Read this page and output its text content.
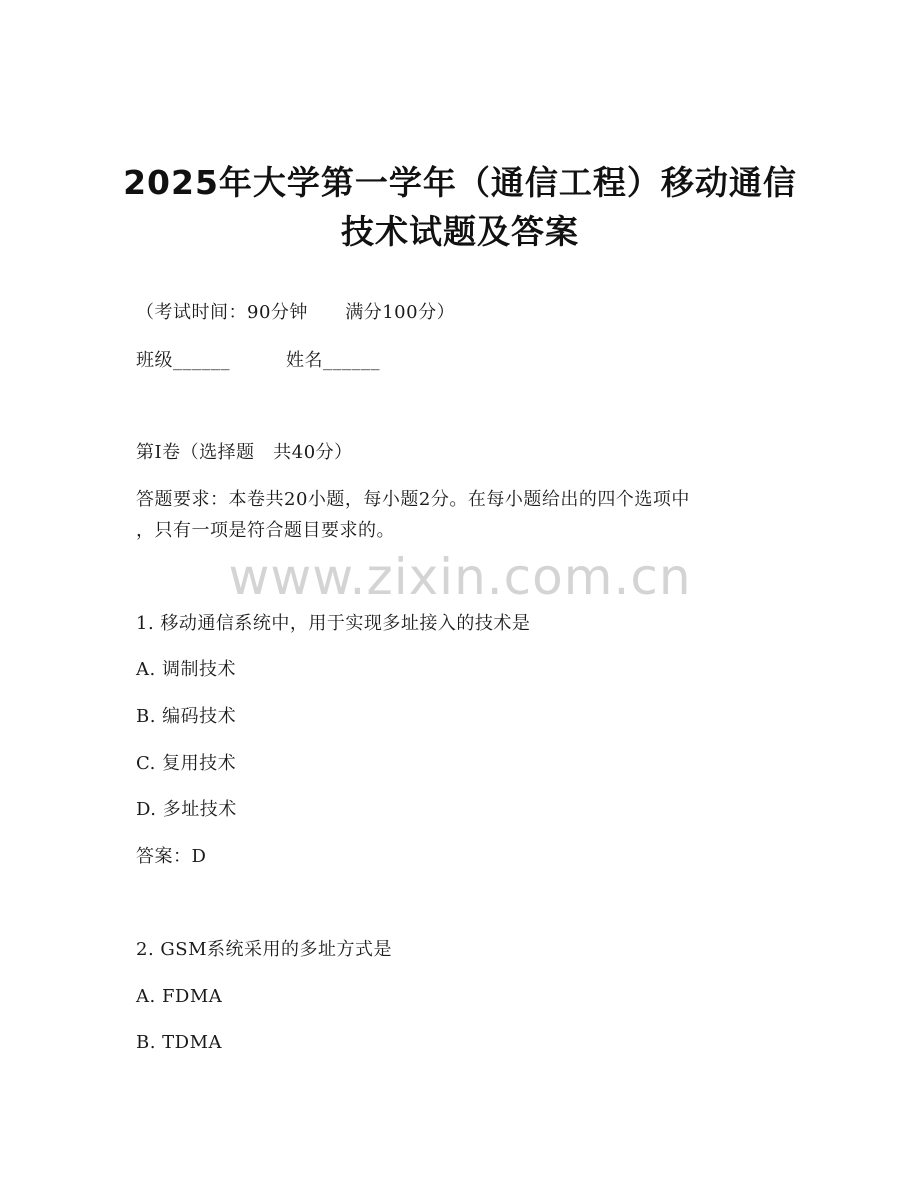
2025年大学第一学年（通信工程）移动通信
技术试题及答案
（考试时间：90分钟      满分100分）
班级______	姓名______
第I卷（选择题   共40分）
答题要求：本卷共20小题，每小题2分。在每小题给出的四个选项中
，只有一项是符合题目要求的。
www.zixin.com.cn
1. 移动通信系统中，用于实现多址接入的技术是
A. 调制技术
B. 编码技术
C. 复用技术
D. 多址技术
答案：D
2. GSM系统采用的多址方式是
A. FDMA
B. TDMA
